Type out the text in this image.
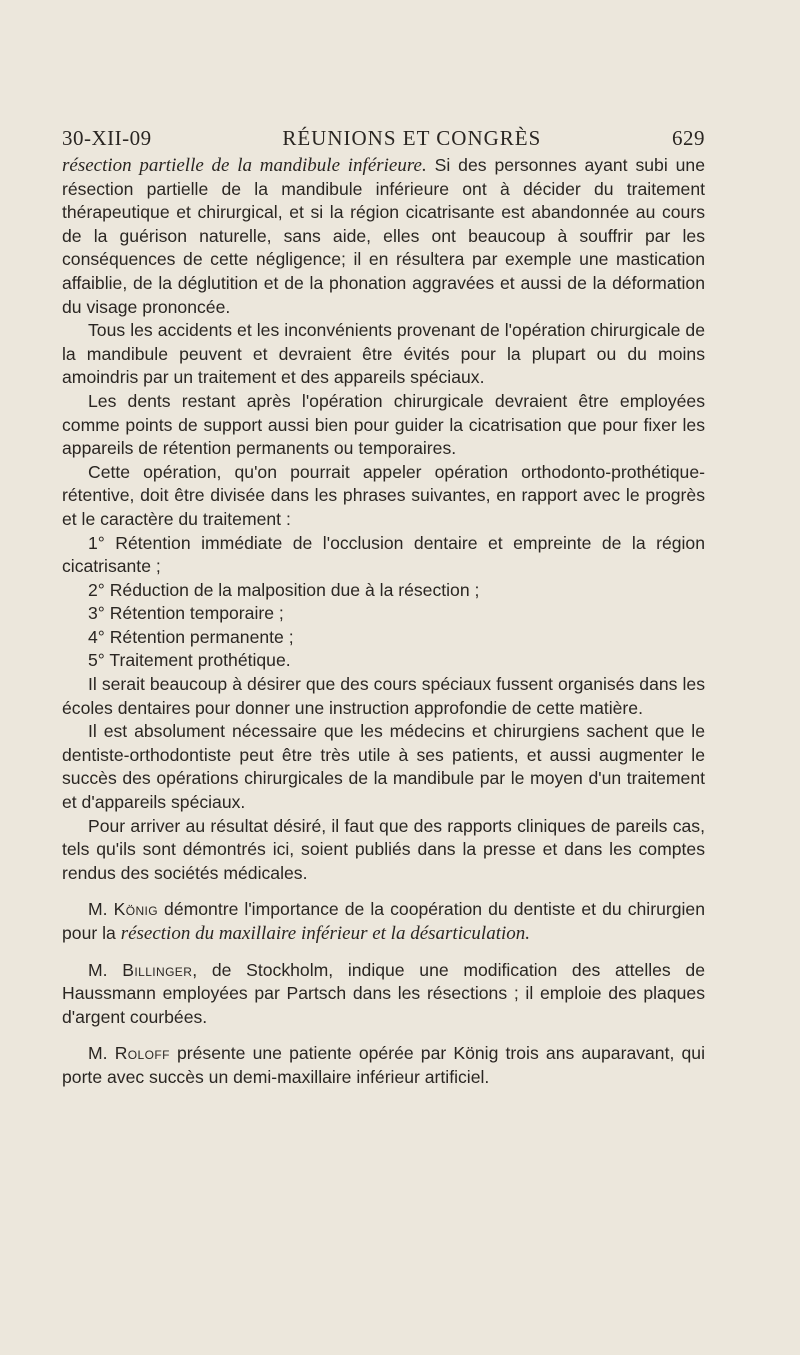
30-XII-09	RÉUNIONS ET CONGRÈS	629

résection partielle de la mandibule inférieure. Si des personnes ayant subi une résection partielle de la mandibule inférieure ont à décider du traitement thérapeutique et chirurgical, et si la région cicatrisante est abandonnée au cours de la guérison naturelle, sans aide, elles ont beaucoup à souffrir par les conséquences de cette négligence; il en résultera par exemple une mastication affaiblie, de la déglutition et de la phonation aggravées et aussi de la déformation du visage prononcée.

Tous les accidents et les inconvénients provenant de l'opération chirurgicale de la mandibule peuvent et devraient être évités pour la plupart ou du moins amoindris par un traitement et des appareils spéciaux.

Les dents restant après l'opération chirurgicale devraient être employées comme points de support aussi bien pour guider la cicatrisation que pour fixer les appareils de rétention permanents ou temporaires.

Cette opération, qu'on pourrait appeler opération orthodonto-prothétique-rétentive, doit être divisée dans les phrases suivantes, en rapport avec le progrès et le caractère du traitement :

1° Rétention immédiate de l'occlusion dentaire et empreinte de la région cicatrisante ;

2° Réduction de la malposition due à la résection ;

3° Rétention temporaire ;

4° Rétention permanente ;

5° Traitement prothétique.

Il serait beaucoup à désirer que des cours spéciaux fussent organisés dans les écoles dentaires pour donner une instruction approfondie de cette matière.

Il est absolument nécessaire que les médecins et chirurgiens sachent que le dentiste-orthodontiste peut être très utile à ses patients, et aussi augmenter le succès des opérations chirurgicales de la mandibule par le moyen d'un traitement et d'appareils spéciaux.

Pour arriver au résultat désiré, il faut que des rapports cliniques de pareils cas, tels qu'ils sont démontrés ici, soient publiés dans la presse et dans les comptes rendus des sociétés médicales.

M. König démontre l'importance de la coopération du dentiste et du chirurgien pour la résection du maxillaire inférieur et la désarticulation.

M. Billinger, de Stockholm, indique une modification des attelles de Haussmann employées par Partsch dans les résections ; il emploie des plaques d'argent courbées.

M. Roloff présente une patiente opérée par König trois ans auparavant, qui porte avec succès un demi-maxillaire inférieur artificiel.
